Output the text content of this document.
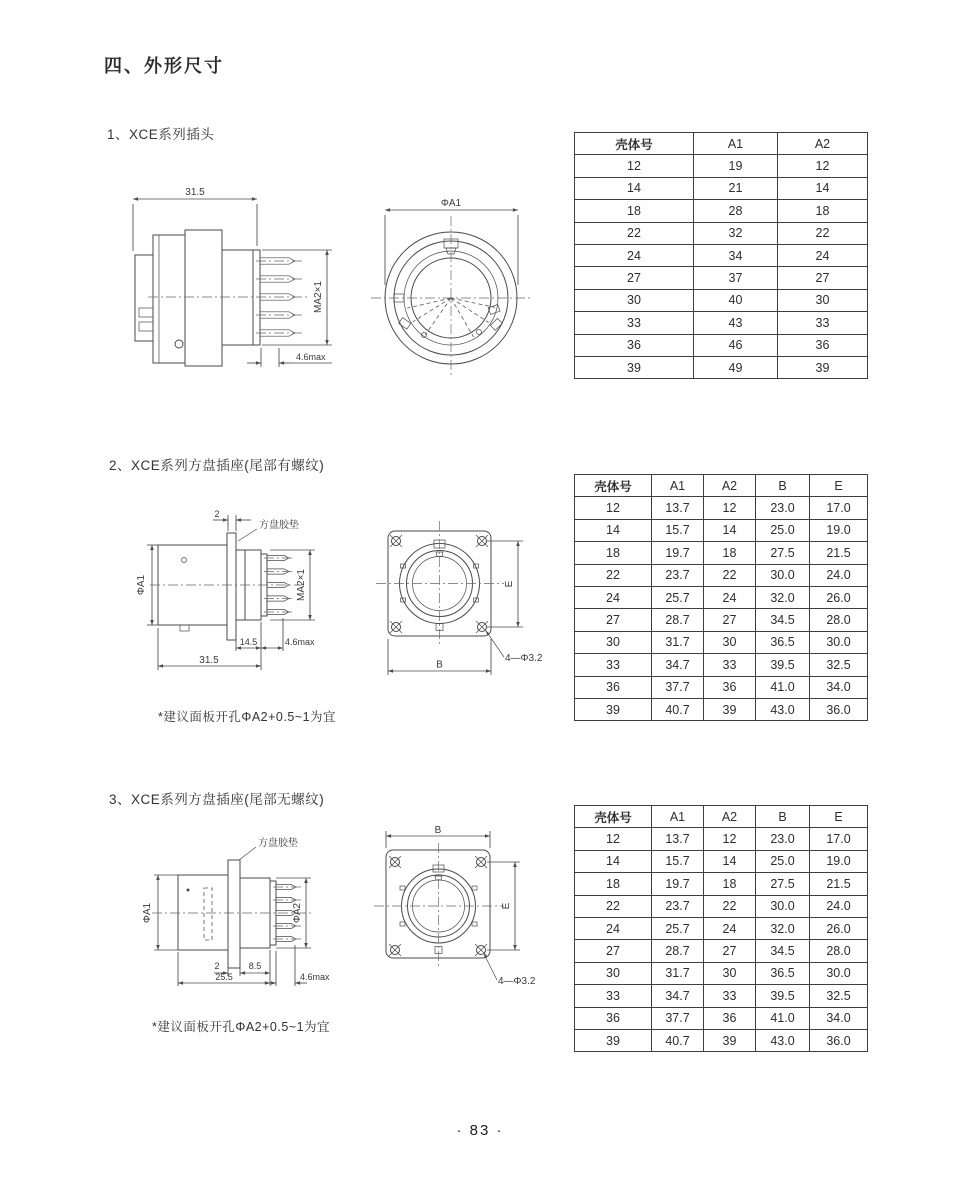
四、外形尺寸
1、XCE系列插头
31.5
MA2×1
4.6max
ΦA1
壳体号	A1	A2
12	19	12
14	21	14
18	28	18
22	32	22
24	34	24
27	37	27
30	40	30
33	43	33
36	46	36
39	49	39
2、XCE系列方盘插座(尾部有螺纹)
2
方盘胶垫
ΦA1	MA2×1
14.5	4.6max
31.5
E
B
4—Φ3.2
*建议面板开孔ΦA2+0.5~1为宜
壳体号	A1	A2	B	E
12	13.7	12	23.0	17.0
14	15.7	14	25.0	19.0
18	19.7	18	27.5	21.5
22	23.7	22	30.0	24.0
24	25.7	24	32.0	26.0
27	28.7	27	34.5	28.0
30	31.7	30	36.5	30.0
33	34.7	33	39.5	32.5
36	37.7	36	41.0	34.0
39	40.7	39	43.0	36.0
3、XCE系列方盘插座(尾部无螺纹)
方盘胶垫
ΦA1	ΦA2
2	8.5
25.5	4.6max
B
E
4—Φ3.2
*建议面板开孔ΦA2+0.5~1为宜
壳体号	A1	A2	B	E
12	13.7	12	23.0	17.0
14	15.7	14	25.0	19.0
18	19.7	18	27.5	21.5
22	23.7	22	30.0	24.0
24	25.7	24	32.0	26.0
27	28.7	27	34.5	28.0
30	31.7	30	36.5	30.0
33	34.7	33	39.5	32.5
36	37.7	36	41.0	34.0
39	40.7	39	43.0	36.0
· 83 ·
